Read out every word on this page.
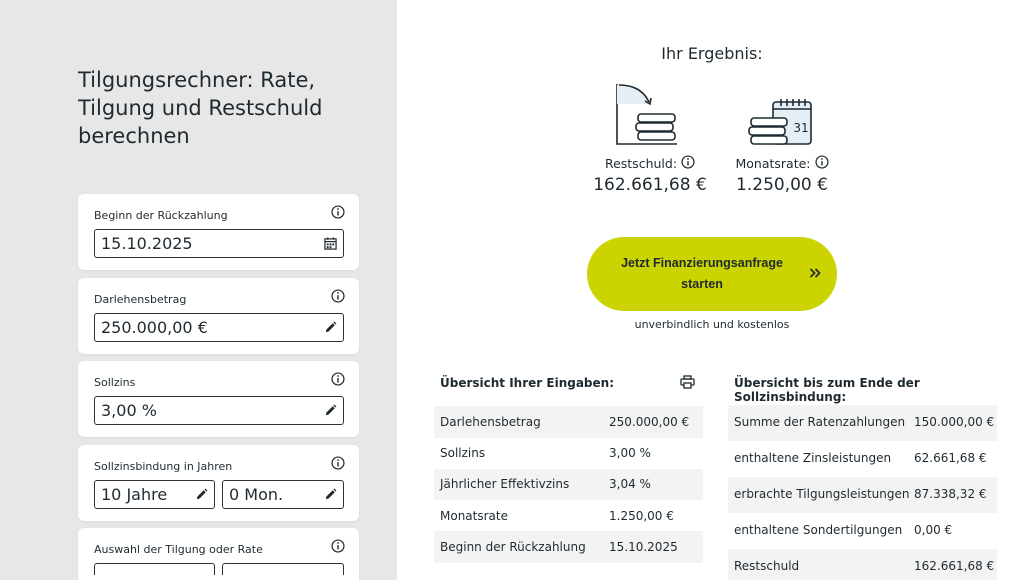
Tilgungsrechner: Rate, Tilgung und Restschuld berechnen
Beginn der Rückzahlung
15.10.2025
Darlehensbetrag
250.000,00 €
Sollzins
3,00 %
Sollzinsbindung in Jahren
10 Jahre	0 Mon.
Auswahl der Tilgung oder Rate
Ihr Ergebnis:
31
Restschuld:
162.661,68 €
Monatsrate:
1.250,00 €
Jetzt Finanzierungsanfrage starten
unverbindlich und kostenlos
Übersicht Ihrer Eingaben:
Darlehensbetrag	250.000,00 €
Sollzins	3,00 %
Jährlicher Effektivzins	3,04 %
Monatsrate	1.250,00 €
Beginn der Rückzahlung 15.10.2025
Übersicht bis zum Ende der Sollzinsbindung:
Summe der Ratenzahlungen 150.000,00 €
enthaltene Zinsleistungen 62.661,68 €
erbrachte Tilgungsleistungen 87.338,32 €
enthaltene Sondertilgungen 0,00 €
Restschuld	162.661,68 €
